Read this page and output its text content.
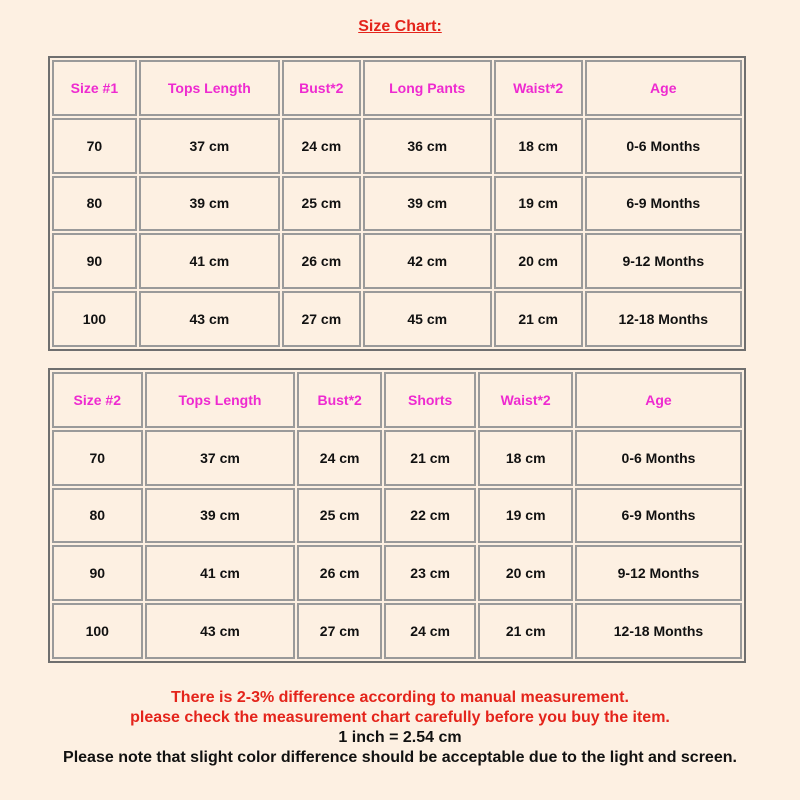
Size Chart:
Size #1	Tops Length	Bust*2	Long Pants	Waist*2	Age
70	37 cm	24 cm	36 cm	18 cm	0-6 Months
80	39 cm	25 cm	39 cm	19 cm	6-9 Months
90	41 cm	26 cm	42 cm	20 cm	9-12 Months
100	43 cm	27 cm	45 cm	21 cm	12-18 Months
Size #2	Tops Length	Bust*2	Shorts	Waist*2	Age
70	37 cm	24 cm	21 cm	18 cm	0-6 Months
80	39 cm	25 cm	22 cm	19 cm	6-9 Months
90	41 cm	26 cm	23 cm	20 cm	9-12 Months
100	43 cm	27 cm	24 cm	21 cm	12-18 Months
There is 2-3% difference according to manual measurement.
please check the measurement chart carefully before you buy the item.
1 inch = 2.54 cm
Please note that slight color difference should be acceptable due to the light and screen.
